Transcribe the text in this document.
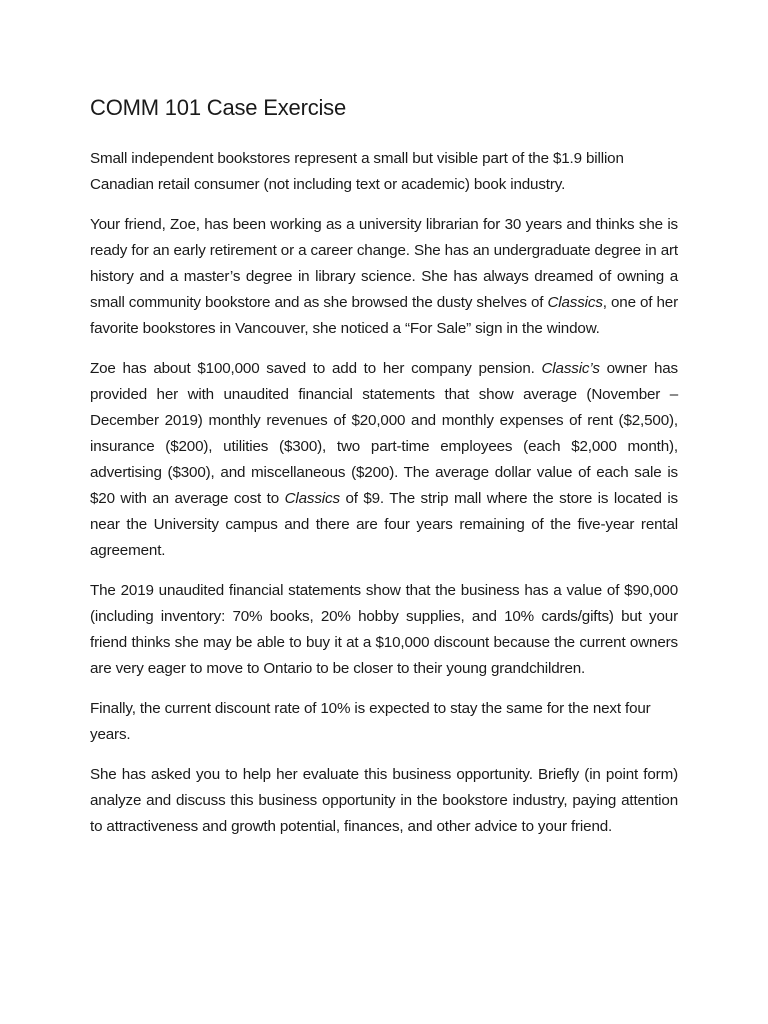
COMM 101 Case Exercise

Small independent bookstores represent a small but visible part of the $1.9 billion Canadian retail consumer (not including text or academic) book industry.

Your friend, Zoe, has been working as a university librarian for 30 years and thinks she is ready for an early retirement or a career change. She has an undergraduate degree in art history and a master’s degree in library science. She has always dreamed of owning a small community bookstore and as she browsed the dusty shelves of Classics, one of her favorite bookstores in Vancouver, she noticed a “For Sale” sign in the window.

Zoe has about $100,000 saved to add to her company pension. Classic’s owner has provided her with unaudited financial statements that show average (November – December 2019) monthly revenues of $20,000 and monthly expenses of rent ($2,500), insurance ($200), utilities ($300), two part-time employees (each $2,000 month), advertising ($300), and miscellaneous ($200). The average dollar value of each sale is $20 with an average cost to Classics of $9. The strip mall where the store is located is near the University campus and there are four years remaining of the five-year rental agreement.

The 2019 unaudited financial statements show that the business has a value of $90,000 (including inventory: 70% books, 20% hobby supplies, and 10% cards/gifts) but your friend thinks she may be able to buy it at a $10,000 discount because the current owners are very eager to move to Ontario to be closer to their young grandchildren.

Finally, the current discount rate of 10% is expected to stay the same for the next four years.

She has asked you to help her evaluate this business opportunity. Briefly (in point form) analyze and discuss this business opportunity in the bookstore industry, paying attention to attractiveness and growth potential, finances, and other advice to your friend.
